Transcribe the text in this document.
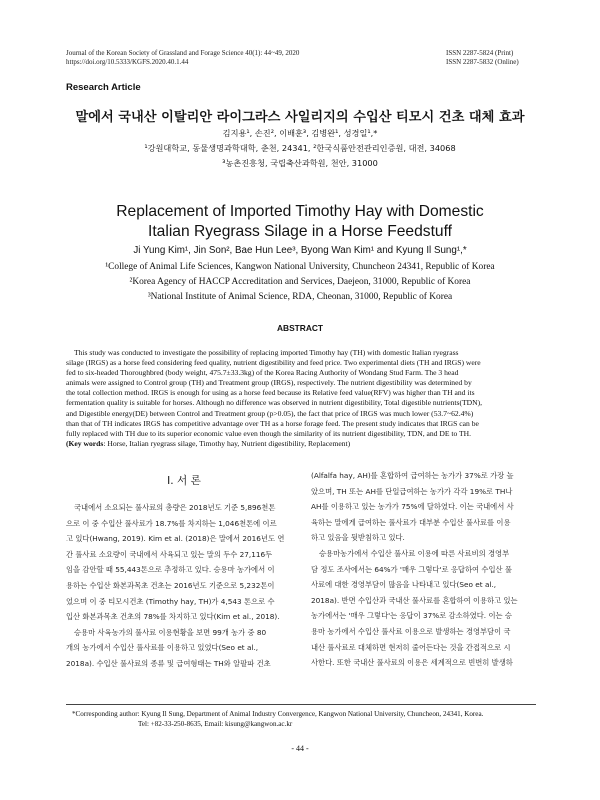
Journal of the Korean Society of Grassland and Forage Science 40(1): 44~49, 2020
https://doi.org/10.5333/KGFS.2020.40.1.44
ISSN 2287-5824 (Print)
ISSN 2287-5832 (Online)
Research Article
말에서 국내산 이탈리안 라이그라스 사일리지의 수입산 티모시 건초 대체 효과
김지용¹, 손진², 이배훈³, 김병완¹, 성경일¹,*
¹강원대학교, 동물생명과학대학, 춘천, 24341, ²한국식품안전관리인증원, 대전, 34068
³농촌진흥청, 국립축산과학원, 천안, 31000
Replacement of Imported Timothy Hay with Domestic
Italian Ryegrass Silage in a Horse Feedstuff
Ji Yung Kim¹, Jin Son², Bae Hun Lee³, Byong Wan Kim¹ and Kyung Il Sung¹,*
¹College of Animal Life Sciences, Kangwon National University, Chuncheon 24341, Republic of Korea
²Korea Agency of HACCP Accreditation and Services, Daejeon, 31000, Republic of Korea
³National Institute of Animal Science, RDA, Cheonan, 31000, Republic of Korea
ABSTRACT
This study was conducted to investigate the possibility of replacing imported Timothy hay (TH) with domestic Italian ryegrass
silage (IRGS) as a horse feed considering feed quality, nutrient digestibility and feed price. Two experimental diets (TH and IRGS) were
fed to six-headed Thoroughbred (body weight, 475.7±33.3kg) of the Korea Racing Authority of Wondang Stud Farm. The 3 head
animals were assigned to Control group (TH) and Treatment group (IRGS), respectively. The nutrient digestibility was determined by
the total collection method. IRGS is enough for using as a horse feed because its Relative feed value(RFV) was higher than TH and its
fermentation quality is suitable for horses. Although no difference was observed in nutrient digestibility, Total digestible nutrients(TDN),
and Digestible energy(DE) between Control and Treatment group (p>0.05), the fact that price of IRGS was much lower (53.7~62.4%)
than that of TH indicates IRGS has competitive advantage over TH as a horse forage feed. The present study indicates that IRGS can be
fully replaced with TH due to its superior economic value even though the similarity of its nutrient digestibility, TDN, and DE to TH.
(Key words: Horse, Italian ryegrass silage, Timothy hay, Nutrient digestibility, Replacement)
Ⅰ. 서 론
국내에서 소요되는 풀사료의 총량은 2018년도 기준 5,896천톤
으로 이 중 수입산 풀사료가 18.7%를 차지하는 1,046천톤에 이르
고 있다(Hwang, 2019). Kim et al. (2018)은 말에서 2016년도 연
간 풀사료 소요량이 국내에서 사육되고 있는 말의 두수 27,116두
임을 감안할 때 55,443톤으로 추정하고 있다. 승용마 농가에서 이
용하는 수입산 화본과목초 건초는 2016년도 기준으로 5,232톤이
었으며 이 중 티모시건초 (Timothy hay, TH)가 4,543 톤으로 수
입산 화본과목초 건초의 78%를 차지하고 있다(Kim et al., 2018).
승용마 사육농가의 풀사료 이용현황을 보면 99개 농가 중 80
개의 농가에서 수입산 풀사료를 이용하고 있었다(Seo et al.,
2018a). 수입산 풀사료의 종류 및 급여형태는 TH와 알팔파 건초
(Alfalfa hay, AH)를 혼합하여 급여하는 농가가 37%로 가장 높
았으며, TH 또는 AH를 단일급여하는 농가가 각각 19%로 TH나
AH를 이용하고 있는 농가가 75%에 달하였다. 이는 국내에서 사
육하는 말에게 급여하는 풀사료가 대부분 수입산 풀사료를 이용
하고 있음을 뒷받침하고 있다.
승용마농가에서 수입산 풀사료 이용에 따른 사료비의 경영부
담 정도 조사에서는 64%가 '매우 그렇다'로 응답하여 수입산 풀
사료에 대한 경영부담이 많음을 나타내고 있다(Seo et al.,
2018a). 반면 수입산과 국내산 풀사료를 혼합하여 이용하고 있는
농가에서는 '매우 그렇다'는 응답이 37%로 감소하였다. 이는 승
용마 농가에서 수입산 풀사료 이용으로 발생하는 경영부담이 국
내산 풀사료로 대체하면 현저히 줄어든다는 것을 간접적으로 시
사한다. 또한 국내산 풀사료의 이용은 세계적으로 빈번히 발생하
*Corresponding author: Kyung Il Sung, Department of Animal Industry Convergence, Kangwon National University, Chuncheon, 24341, Korea.
Tel: +82-33-250-8635, Email: kisung@kangwon.ac.kr
- 44 -
